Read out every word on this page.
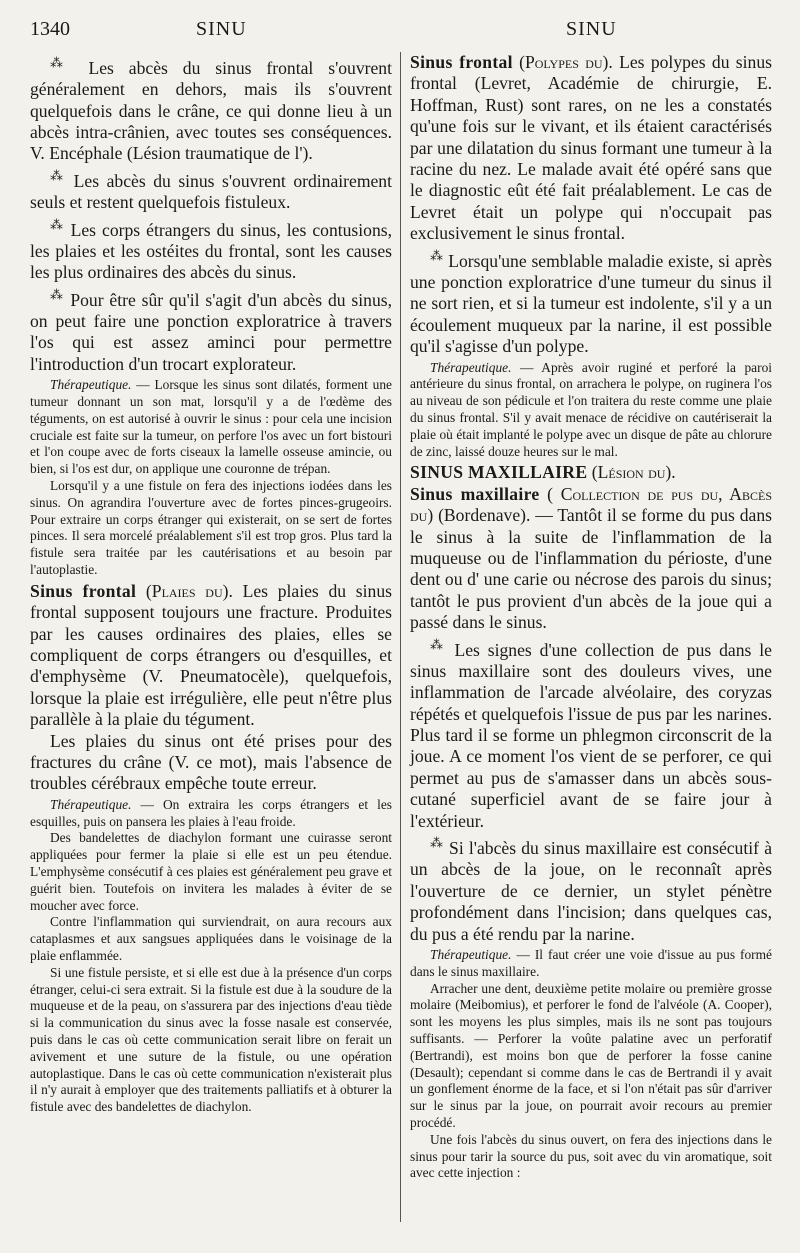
1340	SINU	SINU

⁂ Les abcès du sinus frontal s'ouvrent généralement en dehors, mais ils s'ouvrent quelquefois dans le crâne, ce qui donne lieu à un abcès intra-crânien, avec toutes ses conséquences. V. Encéphale (Lésion traumatique de l').

⁂ Les abcès du sinus s'ouvrent ordinairement seuls et restent quelquefois fistuleux.

⁂ Les corps étrangers du sinus, les contusions, les plaies et les ostéites du frontal, sont les causes les plus ordinaires des abcès du sinus.

⁂ Pour être sûr qu'il s'agit d'un abcès du sinus, on peut faire une ponction exploratrice à travers l'os qui est assez aminci pour permettre l'introduction d'un trocart explorateur.

Thérapeutique. — Lorsque les sinus sont dilatés, forment une tumeur donnant un son mat, lorsqu'il y a de l'œdème des téguments, on est autorisé à ouvrir le sinus : pour cela une incision cruciale est faite sur la tumeur, on perfore l'os avec un fort bistouri et l'on coupe avec de forts ciseaux la lamelle osseuse amincie, ou bien, si l'os est dur, on applique une couronne de trépan.

Lorsqu'il y a une fistule on fera des injections iodées dans les sinus. On agrandira l'ouverture avec de fortes pinces-grugeoirs. Pour extraire un corps étranger qui existerait, on se sert de fortes pinces. Il sera morcelé préalablement s'il est trop gros. Plus tard la fistule sera traitée par les cautérisations et au besoin par l'autoplastie.

Sinus frontal (Plaies du). Les plaies du sinus frontal supposent toujours une fracture. Produites par les causes ordinaires des plaies, elles se compliquent de corps étrangers ou d'esquilles, et d'emphysème (V. Pneumatocèle), quelquefois, lorsque la plaie est irrégulière, elle peut n'être plus parallèle à la plaie du tégument.

Les plaies du sinus ont été prises pour des fractures du crâne (V. ce mot), mais l'absence de troubles cérébraux empêche toute erreur.

Thérapeutique. — On extraira les corps étrangers et les esquilles, puis on pansera les plaies à l'eau froide.

Des bandelettes de diachylon formant une cuirasse seront appliquées pour fermer la plaie si elle est un peu étendue. L'emphysème consécutif à ces plaies est généralement peu grave et guérit bien. Toutefois on invitera les malades à éviter de se moucher avec force.

Contre l'inflammation qui surviendrait, on aura recours aux cataplasmes et aux sangsues appliquées dans le voisinage de la plaie enflammée.

Si une fistule persiste, et si elle est due à la présence d'un corps étranger, celui-ci sera extrait. Si la fistule est due à la soudure de la muqueuse et de la peau, on s'assurera par des injections d'eau tiède si la communication du sinus avec la fosse nasale est conservée, puis dans le cas où cette communication serait libre on ferait un avivement et une suture de la fistule, ou une opération autoplastique. Dans le cas où cette communication n'existerait plus il n'y aurait à employer que des traitements palliatifs et à obturer la fistule avec des bandelettes de diachylon.

Sinus frontal (Polypes du). Les polypes du sinus frontal (Levret, Académie de chirurgie, E. Hoffman, Rust) sont rares, on ne les a constatés qu'une fois sur le vivant, et ils étaient caractérisés par une dilatation du sinus formant une tumeur à la racine du nez. Le malade avait été opéré sans que le diagnostic eût été fait préalablement. Le cas de Levret était un polype qui n'occupait pas exclusivement le sinus frontal.

⁂ Lorsqu'une semblable maladie existe, si après une ponction exploratrice d'une tumeur du sinus il ne sort rien, et si la tumeur est indolente, s'il y a un écoulement muqueux par la narine, il est possible qu'il s'agisse d'un polype.

Thérapeutique. — Après avoir ruginé et perforé la paroi antérieure du sinus frontal, on arrachera le polype, on ruginera l'os au niveau de son pédicule et l'on traitera du reste comme une plaie du sinus frontal. S'il y avait menace de récidive on cautériserait la plaie où était implanté le polype avec un disque de pâte au chlorure de zinc, laissé douze heures sur le mal.

SINUS MAXILLAIRE (Lésion du).

Sinus maxillaire ( Collection de pus du, Abcès du) (Bordenave). — Tantôt il se forme du pus dans le sinus à la suite de l'inflammation de la muqueuse ou de l'inflammation du périoste, d'une dent ou d' une carie ou nécrose des parois du sinus; tantôt le pus provient d'un abcès de la joue qui a passé dans le sinus.

⁂ Les signes d'une collection de pus dans le sinus maxillaire sont des douleurs vives, une inflammation de l'arcade alvéolaire, des coryzas répétés et quelquefois l'issue de pus par les narines. Plus tard il se forme un phlegmon circonscrit de la joue. A ce moment l'os vient de se perforer, ce qui permet au pus de s'amasser dans un abcès sous-cutané superficiel avant de se faire jour à l'extérieur.

⁂ Si l'abcès du sinus maxillaire est consécutif à un abcès de la joue, on le reconnaît après l'ouverture de ce dernier, un stylet pénètre profondément dans l'incision; dans quelques cas, du pus a été rendu par la narine.

Thérapeutique. — Il faut créer une voie d'issue au pus formé dans le sinus maxillaire.

Arracher une dent, deuxième petite molaire ou première grosse molaire (Meibomius), et perforer le fond de l'alvéole (A. Cooper), sont les moyens les plus simples, mais ils ne sont pas toujours suffisants. — Perforer la voûte palatine avec un perforatif (Bertrandi), est moins bon que de perforer la fosse canine (Desault); cependant si comme dans le cas de Bertrandi il y avait un gonflement énorme de la face, et si l'on n'était pas sûr d'arriver sur le sinus par la joue, on pourrait avoir recours au premier procédé.

Une fois l'abcès du sinus ouvert, on fera des injections dans le sinus pour tarir la source du pus, soit avec du vin aromatique, soit avec cette injection :
